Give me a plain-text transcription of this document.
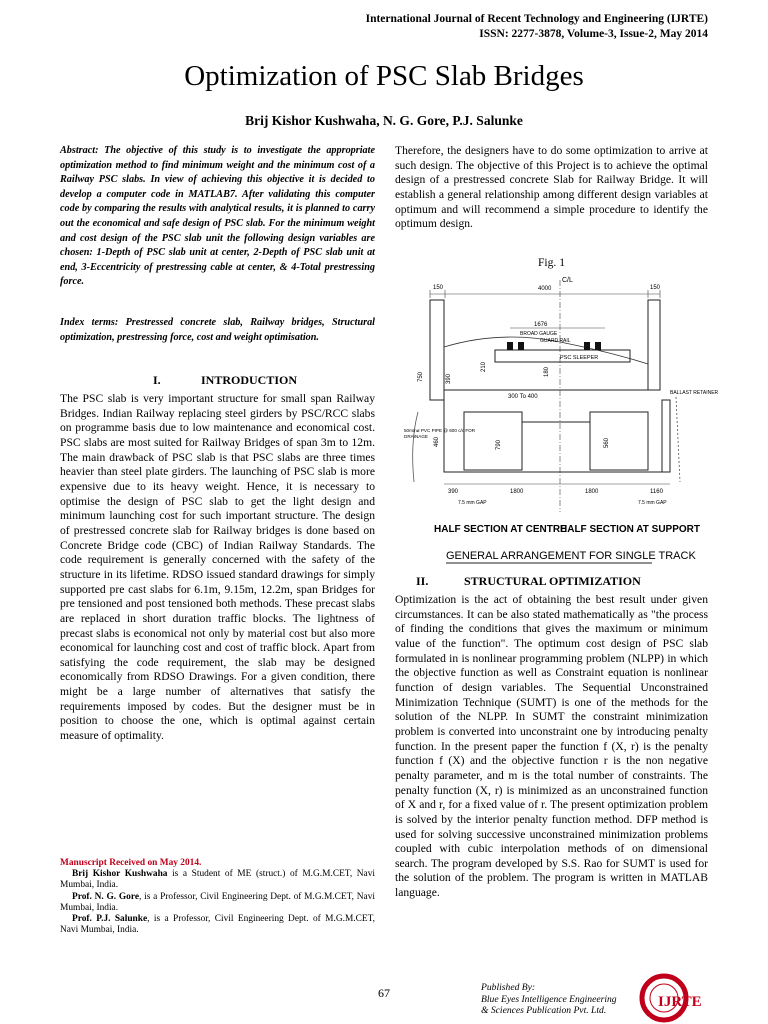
International Journal of Recent Technology and Engineering (IJRTE)
ISSN: 2277-3878, Volume-3, Issue-2, May 2014
Optimization of PSC Slab Bridges
Brij Kishor Kushwaha, N. G. Gore, P.J. Salunke

Abstract: The objective of this study is to investigate the appropriate optimization method to find minimum weight and the minimum cost of a Railway PSC slabs. In view of achieving this objective it is decided to develop a computer code in MATLAB7. After validating this computer code by comparing the results with analytical results, it is planned to carry out the economical and safe design of PSC slab. For the minimum weight and cost design of the PSC slab unit the following design variables are chosen: 1-Depth of PSC slab unit at center, 2-Depth of PSC slab unit at end, 3-Eccentricity of prestressing cable at center, & 4-Total prestressing force.

Index terms: Prestressed concrete slab, Railway bridges, Structural optimization, prestressing force, cost and weight optimisation.

I.	INTRODUCTION

The PSC slab is very important structure for small span Railway Bridges. Indian Railway replacing steel girders by PSC/RCC slabs on programme basis due to low maintenance and economical cost. PSC slabs are most suited for Railway Bridges of span 3m to 12m. The main drawback of PSC slab is that PSC slabs are three times heavier than steel plate girders. The launching of PSC slab is more expensive due to its heavy weight. Hence, it is necessary to optimise the design of PSC slab to get the light design and minimum launching cost for such important structure. The design of prestressed concrete slab for Railway bridges is done based on Concrete Bridge code (CBC) of Indian Railway Standards. The code requirement is generally concerned with the safety of the structure in its lifetime. RDSO issued standard drawings for simply supported pre cast slabs for 6.1m, 9.15m, 12.2m, span Bridges for pre tensioned and post tensioned both methods. These precast slabs are replaced in short duration traffic blocks. The lightness of precast slabs is economical not only by material cost but also more economical for launching cost and cost of traffic block. Apart from satisfying the code requirement, the slab may be designed economically from RDSO Drawings. For a given condition, there might be a large number of alternatives that satisfy the requirements imposed by codes. But the designer must be in position to choose the one, which is optimal against certain measure of optimality.

Manuscript Received on May 2014.
Brij Kishor Kushwaha is a Student of ME (struct.) of M.G.M.CET, Navi Mumbai, India.
Prof. N. G. Gore, is a Professor, Civil Engineering Dept. of M.G.M.CET, Navi Mumbai, India.
Prof. P.J. Salunke, is a Professor, Civil Engineering Dept. of M.G.M.CET, Navi Mumbai, India.

Therefore, the designers have to do some optimization to arrive at such design. The objective of this Project is to achieve the optimal design of a prestressed concrete Slab for Railway Bridge. It will establish a general relationship among different design variables at optimum and will recommend a simple procedure to identify the optimum design.

Fig. 1
C/L
150	4000	150
1676
PSC SLEEPER
BROAD GAUGE
GUARD RAIL
750	390
210	180
300 To 400
BALLAST RETAINER
460	790	560
50mmø PVC PIPE @ 600 c/c FOR
DRAINAGE
390	1800	1800	1160
7.5 mm GAP	7.5 mm GAP
HALF SECTION AT CENTRE
HALF SECTION AT SUPPORT
GENERAL ARRANGEMENT FOR SINGLE TRACK
II.	STRUCTURAL OPTIMIZATION

Optimization is the act of obtaining the best result under given circumstances. It can be also stated mathematically as "the process of finding the conditions that gives the maximum or minimum value of the function". The optimum cost design of PSC slab formulated in is nonlinear programming problem (NLPP) in which the objective function as well as Constraint equation is nonlinear function of design variables. The Sequential Unconstrained Minimization Technique (SUMT) is one of the methods for the solution of the NLPP. In SUMT the constraint minimization problem is converted into unconstraint one by introducing penalty function. In the present paper the function f (X, r) is the penalty function f (X) and the objective function r is the non negative penalty parameter, and m is the total number of constraints. The penalty function (X, r) is minimized as an unconstrained function of X and r, for a fixed value of r. The present optimization problem is solved by the interior penalty function method. DFP method is used for solving successive unconstrained minimization problems coupled with cubic interpolation methods of on dimensional search. The program developed by S.S. Rao for SUMT is used for the solution of the problem. The program is written in MATLAB language.

67	Published By:
Blue Eyes Intelligence Engineering
& Sciences Publication Pvt. Ltd.
IJRTE
